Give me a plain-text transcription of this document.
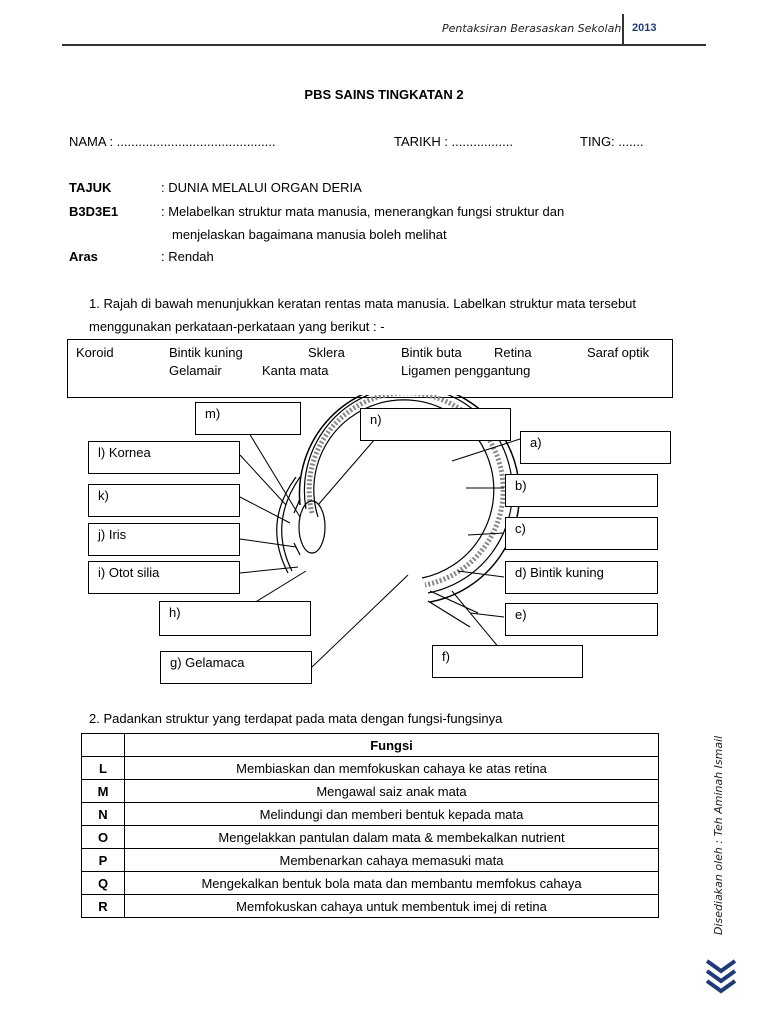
Pentaksiran Berasaskan Sekolah 2013
PBS SAINS TINGKATAN 2
NAMA : ............................................	TARIKH : .................	TING: .......
TAJUK	: DUNIA MELALUI ORGAN DERIA
B3D3E1	: Melabelkan struktur mata manusia, menerangkan fungsi struktur dan
menjelaskan bagaimana manusia boleh melihat
Aras	: Rendah
1. Rajah di bawah menunjukkan keratan rentas mata manusia. Labelkan struktur mata tersebut
menggunakan perkataan-perkataan yang berikut : -
Koroid	Bintik kuning	Sklera	Bintik buta Retina	Saraf optik
Gelamair	Kanta mata	Ligamen penggantung
m)	n)
a)
l) Kornea
b)
k)
c)
j) Iris
i) Otot silia	d) Bintik kuning
h)	e)
f)
g) Gelamaca
2. Padankan struktur yang terdapat pada mata dengan fungsi-fungsinya
	Fungsi
L	Membiaskan dan memfokuskan cahaya ke atas retina
M	Mengawal saiz anak mata
N	Melindungi dan memberi bentuk kepada mata
O	Mengelakkan pantulan dalam mata & membekalkan nutrient
P	Membenarkan cahaya memasuki mata
Q	Mengekalkan bentuk bola mata dan membantu memfokus cahaya
R	Memfokuskan cahaya untuk membentuk imej di retina	Disediakan oleh : Teh Aminah Ismail
